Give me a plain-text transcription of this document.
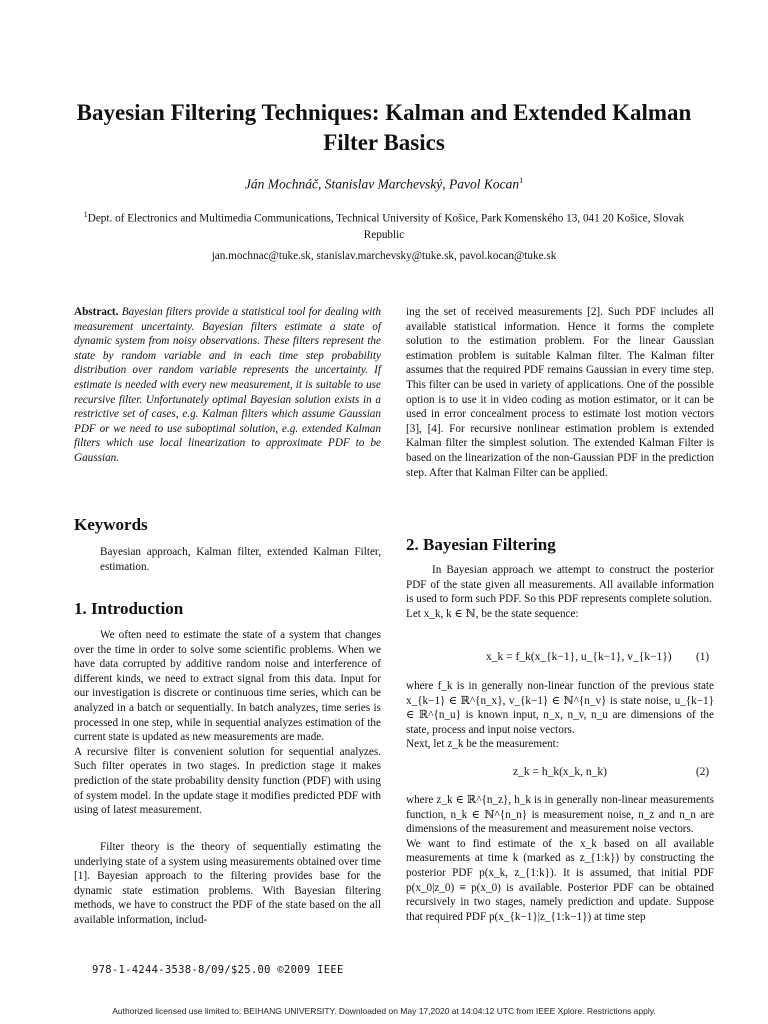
Bayesian Filtering Techniques: Kalman and Extended Kalman Filter Basics
Ján Mochnáč, Stanislav Marchevský, Pavol Kocan$^1$
$^1$Dept. of Electronics and Multimedia Communications, Technical University of Košice, Park Komenského 13, 041 20 Košice, Slovak Republic
jan.mochnac@tuke.sk, stanislav.marchevsky@tuke.sk, pavol.kocan@tuke.sk

Abstract. Bayesian filters provide a statistical tool for dealing with measurement uncertainty. Bayesian filters estimate a state of dynamic system from noisy observations. These filters represent the state by random variable and in each time step probability distribution over random variable represents the uncertainty. If estimate is needed with every new measurement, it is suitable to use recursive filter. Unfortunately optimal Bayesian solution exists in a restrictive set of cases, e.g. Kalman filters which assume Gaussian PDF or we need to use suboptimal solution, e.g. extended Kalman filters which use local linearization to approximate PDF to be Gaussian.

Keywords

Bayesian approach, Kalman filter, extended Kalman Filter, estimation.

1. Introduction

We often need to estimate the state of a system that changes over the time in order to solve some scientific problems. When we have data corrupted by additive random noise and interference of different kinds, we need to extract signal from this data. Input for our investigation is discrete or continuous time series, which can be analyzed in a batch or sequentially. In batch analyzes, time series is processed in one step, while in sequential analyzes estimation of the current state is updated as new measurements are made.

A recursive filter is convenient solution for sequential analyzes. Such filter operates in two stages. In prediction stage it makes prediction of the state probability density function (PDF) with using of system model. In the update stage it modifies predicted PDF with using of latest measurement.

Filter theory is the theory of sequentially estimating the underlying state of a system using measurements obtained over time [1]. Bayesian approach to the filtering provides base for the dynamic state estimation problems. With Bayesian filtering methods, we have to construct the PDF of the state based on the all available information, includ-

ing the set of received measurements [2]. Such PDF includes all available statistical information. Hence it forms the complete solution to the estimation problem. For the linear Gaussian estimation problem is suitable Kalman filter. The Kalman filter assumes that the required PDF remains Gaussian in every time step. This filter can be used in variety of applications. One of the possible option is to use it in video coding as motion estimator, or it can be used in error concealment process to estimate lost motion vectors [3], [4]. For recursive nonlinear estimation problem is extended Kalman filter the simplest solution. The extended Kalman Filter is based on the linearization of the non-Gaussian PDF in the prediction step. After that Kalman Filter can be applied.

2. Bayesian Filtering

In Bayesian approach we attempt to construct the posterior PDF of the state given all measurements. All available information is used to form such PDF. So this PDF represents complete solution.

Let x_k, k ∈ ℕ, be the state sequence:

x_k = f_k(x_{k−1}, u_{k−1}, v_{k−1}) (1)

where f_k is in generally non-linear function of the previous state x_{k−1} ∈ ℝ^{n_x}, v_{k−1} ∈ ℕ^{n_v} is state noise, u_{k−1} ∈ ℝ^{n_u} is known input, n_x, n_v, n_u are dimensions of the state, process and input noise vectors.

Next, let z_k be the measurement:

z_k = h_k(x_k, n_k)	(2)

where z_k ∈ ℝ^{n_z}, h_k is in generally non-linear measurements function, n_k ∈ ℕ^{n_n} is measurement noise, n_z and n_n are dimensions of the measurement and measurement noise vectors.

We want to find estimate of the x_k based on all available measurements at time k (marked as z_{1:k}) by constructing the posterior PDF p(x_k, z_{1:k}). It is assumed, that initial PDF p(x_0|z_0) ≡ p(x_0) is available. Posterior PDF can be obtained recursively in two stages, namely prediction and update. Suppose that required PDF p(x_{k−1}|z_{1:k−1}) at time step

978-1-4244-3538-8/09/$25.00 ©2009 IEEE
Authorized licensed use limited to: BEIHANG UNIVERSITY. Downloaded on May 17,2020 at 14:04:12 UTC from IEEE Xplore. Restrictions apply.
